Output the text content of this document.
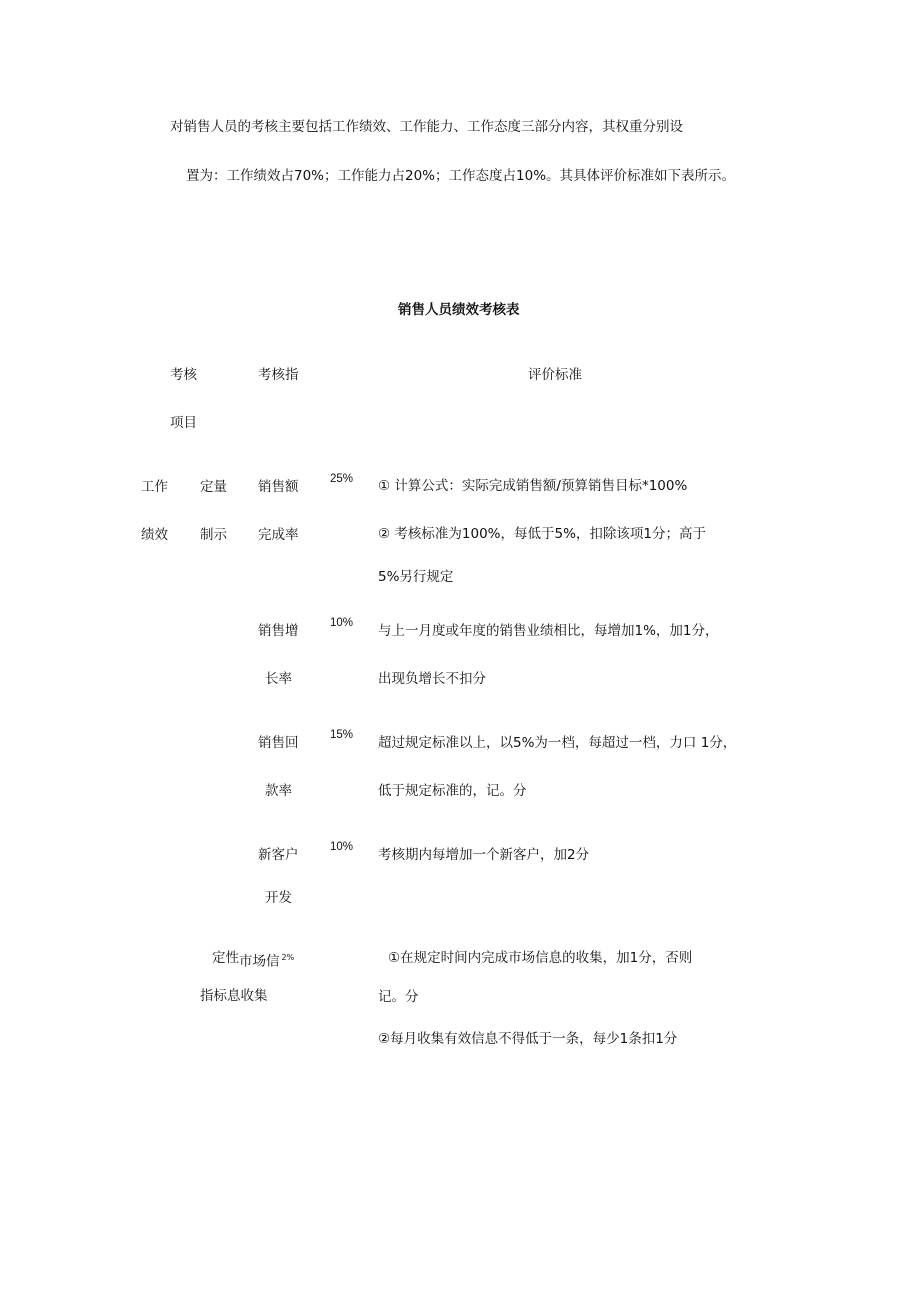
对销售人员的考核主要包括工作绩效、工作能力、工作态度三部分内容，其权重分别设
置为：工作绩效占70%；工作能力占20%；工作态度占10%。其具体评价标准如下表所示。
销售人员绩效考核表
考核
项目
考核指	评价标准
工作
绩效
定量
制示
销售额
完成率
25% ① 计算公式：实际完成销售额/预算销售目标*100%
② 考核标准为100%，每低于5%，扣除该项1分；高于
5%另行规定
销售增
长率
10% 与上一月度或年度的销售业绩相比，每增加1%，加1分，
出现负增长不扣分
销售回
款率
15% 超过规定标准以上，以5%为一档，每超过一档，力口 1分，
低于规定标准的，记。分
新客户
开发
10% 考核期内每增加一个新客户，加2分
定性
指标
市场信 $^{2\%}$
息收集
①在规定时间内完成市场信息的收集，加1分，否则
记。分
②每月收集有效信息不得低于一条，每少1条扣1分
